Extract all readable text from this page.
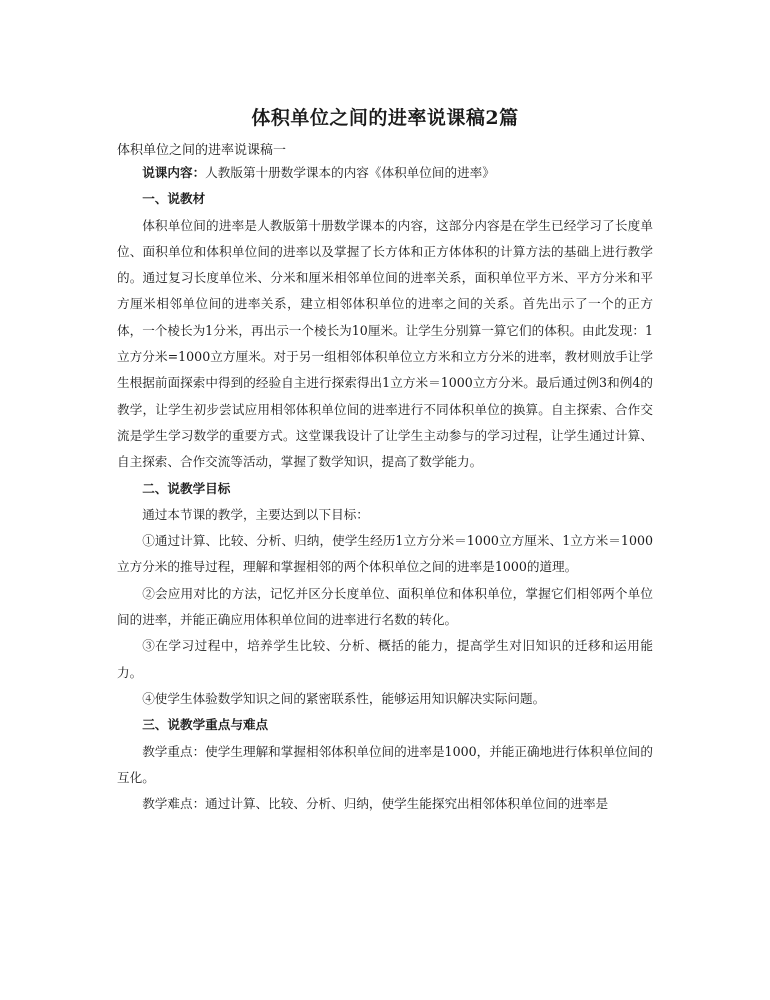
体积单位之间的进率说课稿2篇
体积单位之间的进率说课稿一

说课内容：人教版第十册数学课本的内容《体积单位间的进率》

一、说教材

体积单位间的进率是人教版第十册数学课本的内容，这部分内容是在学生已经学习了长度单位、面积单位和体积单位间的进率以及掌握了长方体和正方体体积的计算方法的基础上进行教学的。通过复习长度单位米、分米和厘米相邻单位间的进率关系，面积单位平方米、平方分米和平方厘米相邻单位间的进率关系，建立相邻体积单位的进率之间的关系。首先出示了一个的正方体，一个棱长为1分米，再出示一个棱长为10厘米。让学生分别算一算它们的体积。由此发现：1立方分米=1000立方厘米。对于另一组相邻体积单位立方米和立方分米的进率，教材则放手让学生根据前面探索中得到的经验自主进行探索得出1立方米＝1000立方分米。最后通过例3和例4的教学，让学生初步尝试应用相邻体积单位间的进率进行不同体积单位的换算。自主探索、合作交流是学生学习数学的重要方式。这堂课我设计了让学生主动参与的学习过程，让学生通过计算、自主探索、合作交流等活动，掌握了数学知识，提高了数学能力。

二、说教学目标

通过本节课的教学，主要达到以下目标：

①通过计算、比较、分析、归纳，使学生经历1立方分米＝1000立方厘米、1立方米＝1000立方分米的推导过程，理解和掌握相邻的两个体积单位之间的进率是1000的道理。

②会应用对比的方法，记忆并区分长度单位、面积单位和体积单位，掌握它们相邻两个单位间的进率，并能正确应用体积单位间的进率进行名数的转化。

③在学习过程中，培养学生比较、分析、概括的能力，提高学生对旧知识的迁移和运用能力。

④使学生体验数学知识之间的紧密联系性，能够运用知识解决实际问题。

三、说教学重点与难点

教学重点：使学生理解和掌握相邻体积单位间的进率是1000，并能正确地进行体积单位间的互化。

教学难点：通过计算、比较、分析、归纳，使学生能探究出相邻体积单位间的进率是
